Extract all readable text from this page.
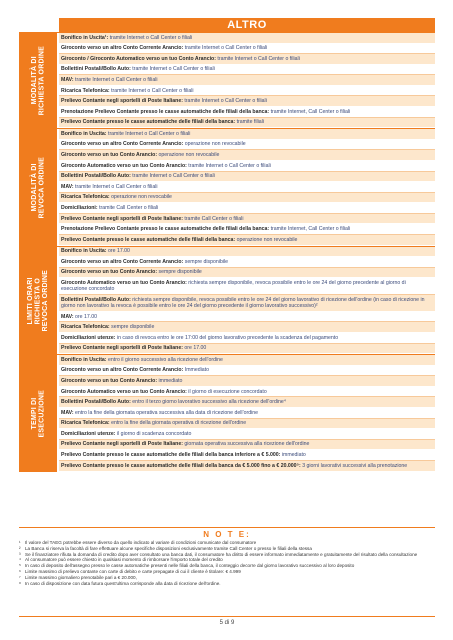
ALTRO
MODALITÀ DI
RICHIESTA ORDINE
Bonifico in Uscita¹: tramite Internet o Call Center o filiali
Giroconto verso un altro Conto Corrente Arancio: tramite Internet o Call Center o filiali
Giroconto / Giroconto Automatico verso un tuo Conto Arancio: tramite Internet o Call Center o filiali
Bollettini Postali/Bollo Auto: tramite Internet o Call Center o filiali
MAV: tramite Internet o Call Center o filiali
Ricarica Telefonica: tramite Internet o Call Center o filiali
Prelievo Contante negli sportelli di Poste Italiane: tramite Internet o Call Center o filiali
Prenotazione Prelievo Contante presso le casse automatiche delle filiali della banca: tramite Internet, Call Center o filiali
Prelievo Contante presso le casse automatiche delle filiali della banca: tramite filiali
MODALITÀ DI
REVOCA ORDINE
Bonifico in Uscita: tramite Internet o Call Center o filiali
Giroconto verso un altro Conto Corrente Arancio: operazione non revocabile
Giroconto verso un tuo Conto Arancio: operazione non revocabile
Giroconto Automatico verso un tuo Conto Arancio: tramite Internet o Call Center o filiali
Bollettini Postali/Bollo Auto: tramite Internet o Call Center o filiali
MAV: tramite Internet o Call Center o filiali
Ricarica Telefonica: operazione non revocabile
Domiciliazioni: tramite Call Center o filiali
Prelievo Contante negli sportelli di Poste Italiane: tramite Call Center o filiali
Prenotazione Prelievo Contante presso le casse automatiche delle filiali della banca: tramite Internet, Call Center o filiali
Prelievo Contante presso le casse automatiche delle filiali della banca: operazione non revocabile
LIMITI ORARI
RICHIESTA O
REVOCA ORDINE
Bonifico in Uscita: ore 17.00
Giroconto verso un altro Conto Corrente Arancio: sempre disponibile
Giroconto verso un tuo Conto Arancio: sempre disponibile
Giroconto Automatico verso un tuo Conto Arancio: richiesta sempre disponibile, revoca possibile entro le ore 24 del giorno precedente al giorno di esecuzione concordato
Bollettini Postali/Bollo Auto: richiesta sempre disponibile, revoca possibile entro le ore 24 del giorno lavorativo di ricezione dell'ordine (in caso di ricezione in giorno non lavorativo la revoca è possibile entro le ore 24 del giorno precedente il giorno lavorativo successivo)²
MAV: ore 17.00
Ricarica Telefonica: sempre disponibile
Domiciliazioni utenze: in caso di revoca entro le ore 17:00 del giorno lavorativo precedente la scadenza del pagamento
Prelievo Contante negli sportelli di Poste Italiane: ore 17.00
TEMPI DI
ESECUZIONE
Bonifico in Uscita: entro il giorno successivo alla ricezione dell'ordine
Giroconto verso un altro Conto Corrente Arancio: Immediato
Giroconto verso un tuo Conto Arancio: immediato
Giroconto Automatico verso un tuo Conto Arancio: il giorno di esecuzione concordato
Bollettini Postali/Bollo Auto: entro il terzo giorno lavorativo successivo alla ricezione dell'ordine⁴
MAV: entro la fine della giornata operativa successiva alla data di ricezione dell'ordine
Ricarica Telefonica: entro la fine della giornata operativa di ricezione dell'ordine
Domiciliazioni utenze: il giorno di scadenza concordato
Prelievo Contante negli sportelli di Poste Italiane: giornata operativa successiva alla ricezione dell'ordine
Prelievo Contante presso le casse automatiche delle filiali della banca inferiore a € 5.000: immediato
Prelievo Contante presso le casse automatiche delle filiali della banca da € 5.000 fino a € 20.000⁵: 3 giorni lavorativi successivi alla prenotazione
N O T E:
¹ Il valore del TAEG potrebbe essere diverso da quello indicato al variare di condizioni comunicate dal consumatore
² La Banca si riserva la facoltà di fare effettuare alcune specifiche disposizioni esclusivamente tramite Call Center o presso le filiali della stessa
³ Se il finanziatore rifiuta la domanda di credito dopo aver consultato una banca dati, il consumatore ha diritto di essere informato immediatamente e gratuitamente del risultato della consultazione
⁴ Al consumatore può essere chiesto in qualsiasi momento di rimborsare l'importo totale del credito
⁵ In caso di deposito dell'assegno presso le casse automatiche presenti nelle filiali della banca, il conteggio decorre dal giorno lavorativo successivo al loro deposito
⁶ Limite massimo di prelievo contante con carte di debito e carte prepagate di cui il cliente è titolare: € 4.999
⁷ Limite massimo giornaliero prenotabile pari a € 20.000,
⁸ In caso di disposizione con data futura quest'ultima corrisponde alla data di ricezione dell'ordine.
5 di 9
